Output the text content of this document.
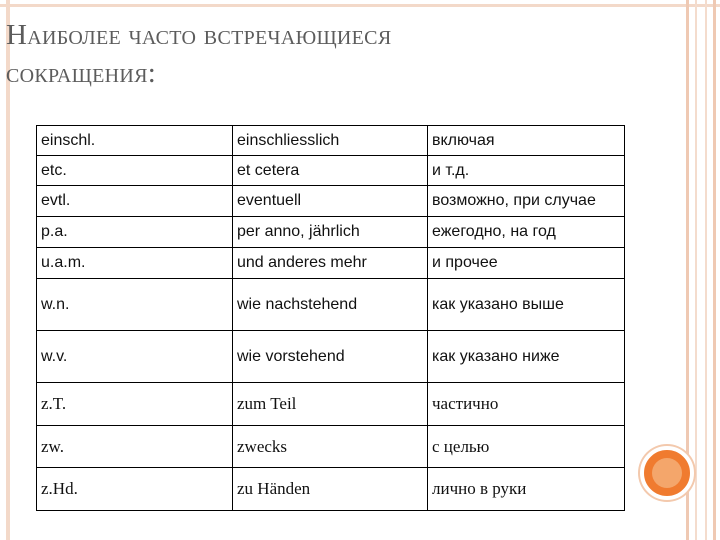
Наиболее часто встречающиеся
сокращения:
einschl.	einschliesslich	включая
etc.	et cetera	и т.д.
evtl.	eventuell	возможно, при случае
p.a.	per anno, jährlich	ежегодно, на год
u.a.m.	und anderes mehr	и прочее
w.n.	wie nachstehend	как указано выше
w.v.	wie vorstehend	как указано ниже
z.T.	zum Teil	частично
zw.	zwecks	с целью
z.Hd.	zu Händen	лично в руки
